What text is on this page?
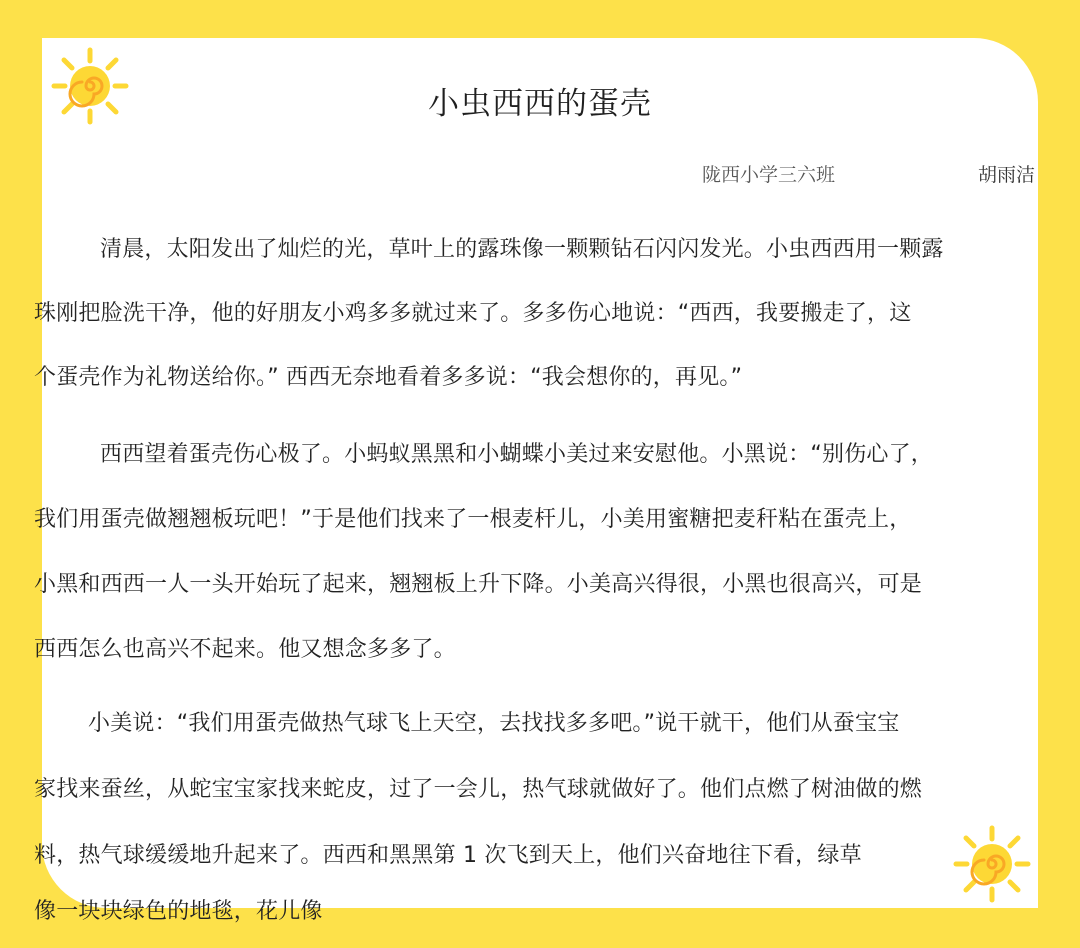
小虫西西的蛋壳
陇西小学三六班	胡雨洁
清晨，太阳发出了灿烂的光，草叶上的露珠像一颗颗钻石闪闪发光。小虫西西用一颗露
珠刚把脸洗干净，他的好朋友小鸡多多就过来了。多多伤心地说：“西西，我要搬走了，这
个蛋壳作为礼物送给你。” 西西无奈地看着多多说：“我会想你的，再见。”
西西望着蛋壳伤心极了。小蚂蚁黑黑和小蝴蝶小美过来安慰他。小黑说：“别伤心了，
我们用蛋壳做翘翘板玩吧！”于是他们找来了一根麦杆儿，小美用蜜糖把麦秆粘在蛋壳上，
小黑和西西一人一头开始玩了起来，翘翘板上升下降。小美高兴得很，小黑也很高兴，可是
西西怎么也高兴不起来。他又想念多多了。
小美说：“我们用蛋壳做热气球飞上天空，去找找多多吧。”说干就干，他们从蚕宝宝
家找来蚕丝，从蛇宝宝家找来蛇皮，过了一会儿，热气球就做好了。他们点燃了树油做的燃
料，热气球缓缓地升起来了。西西和黑黑第 1 次飞到天上，他们兴奋地往下看，绿草
像一块块绿色的地毯，花儿像
